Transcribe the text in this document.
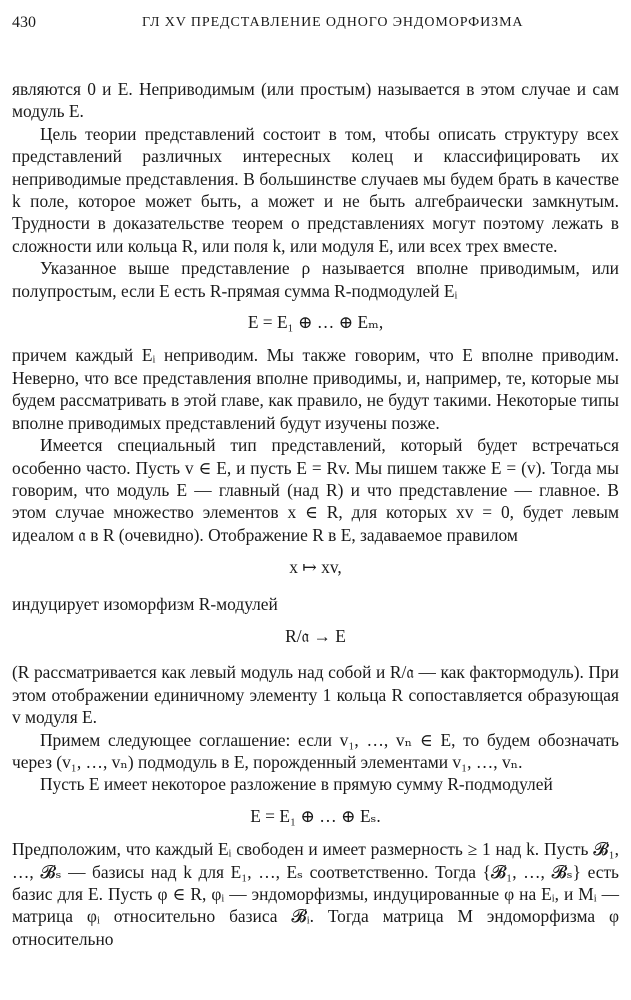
430	ГЛ XV ПРЕДСТАВЛЕНИЕ ОДНОГО ЭНДОМОРФИЗМА

являются 0 и E. Неприводимым (или простым) называется в этом случае и сам модуль E.

Цель теории представлений состоит в том, чтобы описать структуру всех представлений различных интересных колец и классифицировать их неприводимые представления. В большинстве случаев мы будем брать в качестве k поле, которое может быть, а может и не быть алгебраически замкнутым. Трудности в доказательстве теорем о представлениях могут поэтому лежать в сложности или кольца R, или поля k, или модуля E, или всех трех вместе.

Указанное выше представление ρ называется вполне приводимым, или полупростым, если E есть R-прямая сумма R-подмодулей Eᵢ

E = E₁ ⊕ … ⊕ Eₘ,

причем каждый Eᵢ неприводим. Мы также говорим, что E вполне приводим. Неверно, что все представления вполне приводимы, и, например, те, которые мы будем рассматривать в этой главе, как правило, не будут такими. Некоторые типы вполне приводимых представлений будут изучены позже.

Имеется специальный тип представлений, который будет встречаться особенно часто. Пусть v ∈ E, и пусть E = Rv. Мы пишем также E = (v). Тогда мы говорим, что модуль E — главный (над R) и что представление — главное. В этом случае множество элементов x ∈ R, для которых xv = 0, будет левым идеалом 𝔞 в R (очевидно). Отображение R в E, задаваемое правилом

x ↦ xv,

индуцирует изоморфизм R-модулей

R/𝔞 → E

(R рассматривается как левый модуль над собой и R/𝔞 — как фактормодуль). При этом отображении единичному элементу 1 кольца R сопоставляется образующая v модуля E.

Примем следующее соглашение: если v₁, …, vₙ ∈ E, то будем обозначать через (v₁, …, vₙ) подмодуль в E, порожденный элементами v₁, …, vₙ.

Пусть E имеет некоторое разложение в прямую сумму R-подмодулей

E = E₁ ⊕ … ⊕ Eₛ.

Предположим, что каждый Eᵢ свободен и имеет размерность ≥ 1 над k. Пусть 𝓑₁, …, 𝓑ₛ — базисы над k для E₁, …, Eₛ соответственно. Тогда {𝓑₁, …, 𝓑ₛ} есть базис для E. Пусть φ ∈ R, φᵢ — эндоморфизмы, индуцированные φ на Eᵢ, и Mᵢ — матрица φᵢ относительно базиса 𝓑ᵢ. Тогда матрица M эндоморфизма φ относительно
